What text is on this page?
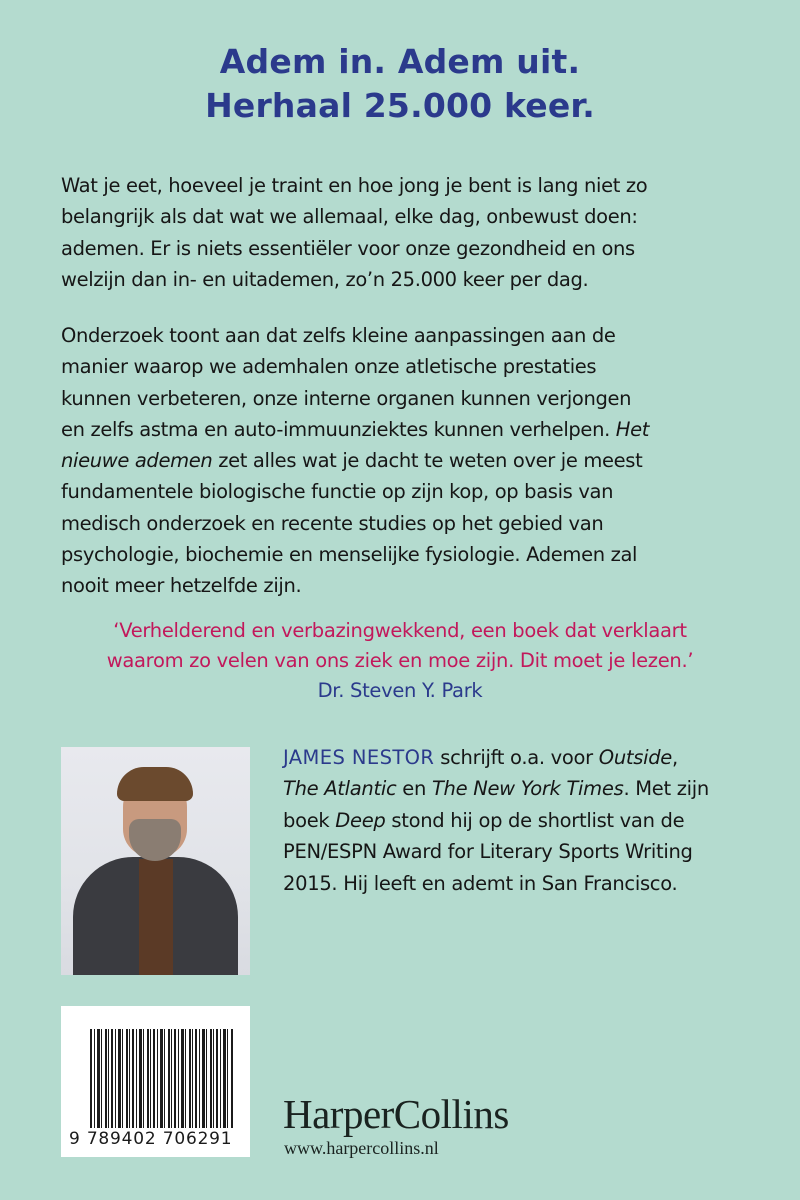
Adem in. Adem uit.
Herhaal 25.000 keer.
Wat je eet, hoeveel je traint en hoe jong je bent is lang niet zo
belangrijk als dat wat we allemaal, elke dag, onbewust doen:
ademen. Er is niets essentiëler voor onze gezondheid en ons
welzijn dan in- en uitademen, zo’n 25.000 keer per dag.
Onderzoek toont aan dat zelfs kleine aanpassingen aan de
manier waarop we ademhalen onze atletische prestaties
kunnen verbeteren, onze interne organen kunnen verjongen
en zelfs astma en auto-immuunziektes kunnen verhelpen. Het
nieuwe ademen zet alles wat je dacht te weten over je meest
fundamentele biologische functie op zijn kop, op basis van
medisch onderzoek en recente studies op het gebied van
psychologie, biochemie en menselijke fysiologie. Ademen zal
nooit meer hetzelfde zijn.
‘Verhelderend en verbazingwekkend, een boek dat verklaart
waarom zo velen van ons ziek en moe zijn. Dit moet je lezen.’
Dr. Steven Y. Park
JAMES NESTOR schrijft o.a. voor Outside,
The Atlantic en The New York Times. Met zijn
boek Deep stond hij op de shortlist van de
PEN/ESPN Award for Literary Sports Writing
2015. Hij leeft en ademt in San Francisco.
9 789402 706291
HarperCollins
www.harpercollins.nl
